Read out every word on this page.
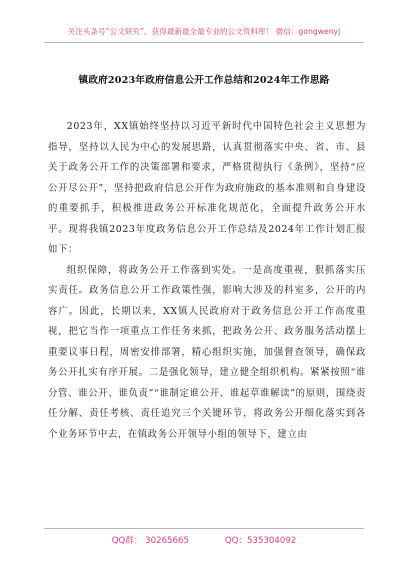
关注头条号“公文研究”，获得最新最全最专业的公文资料库！ 微信：gongwenyj
镇政府2023年政府信息公开工作总结和2024年工作思路

2023年，XX镇始终坚持以习近平新时代中国特色社会主义思想为指导，坚持以人民为中心的发展思路，认真贯彻落实中央、省、市、县关于政务公开工作的决策部署和要求，严格贯彻执行《条例》，坚持“应公开尽公开”，坚持把政府信息公开作为政府施政的基本准则和自身建设的重要抓手，积极推进政务公开标准化规范化，全面提升政务公开水平。现将我镇2023年度政务信息公开工作总结及2024年工作计划汇报如下：

组织保障，将政务公开工作落到实处。一是高度重视，狠抓落实压实责任。政务信息公开工作政策性强，影响大涉及的科室多，公开的内容广。因此，长期以来，XX镇人民政府对于政务信息公开工作高度重视，把它当作一项重点工作任务来抓，把政务公开、政务服务活动摆上重要议事日程，周密安排部署，精心组织实施，加强督查领导，确保政务公开扎实有序开展。二是强化领导，建立健全组织机构。紧紧按照“谁分管、谁公开、谁负责”“谁制定谁公开、谁起草谁解读”的原则，围绕责任分解、责任考核、责任追究三个关键环节，将政务公开细化落实到各个业务环节中去，在镇政务公开领导小组的领导下，建立由

QQ群： 30265665	QQ：535304092
